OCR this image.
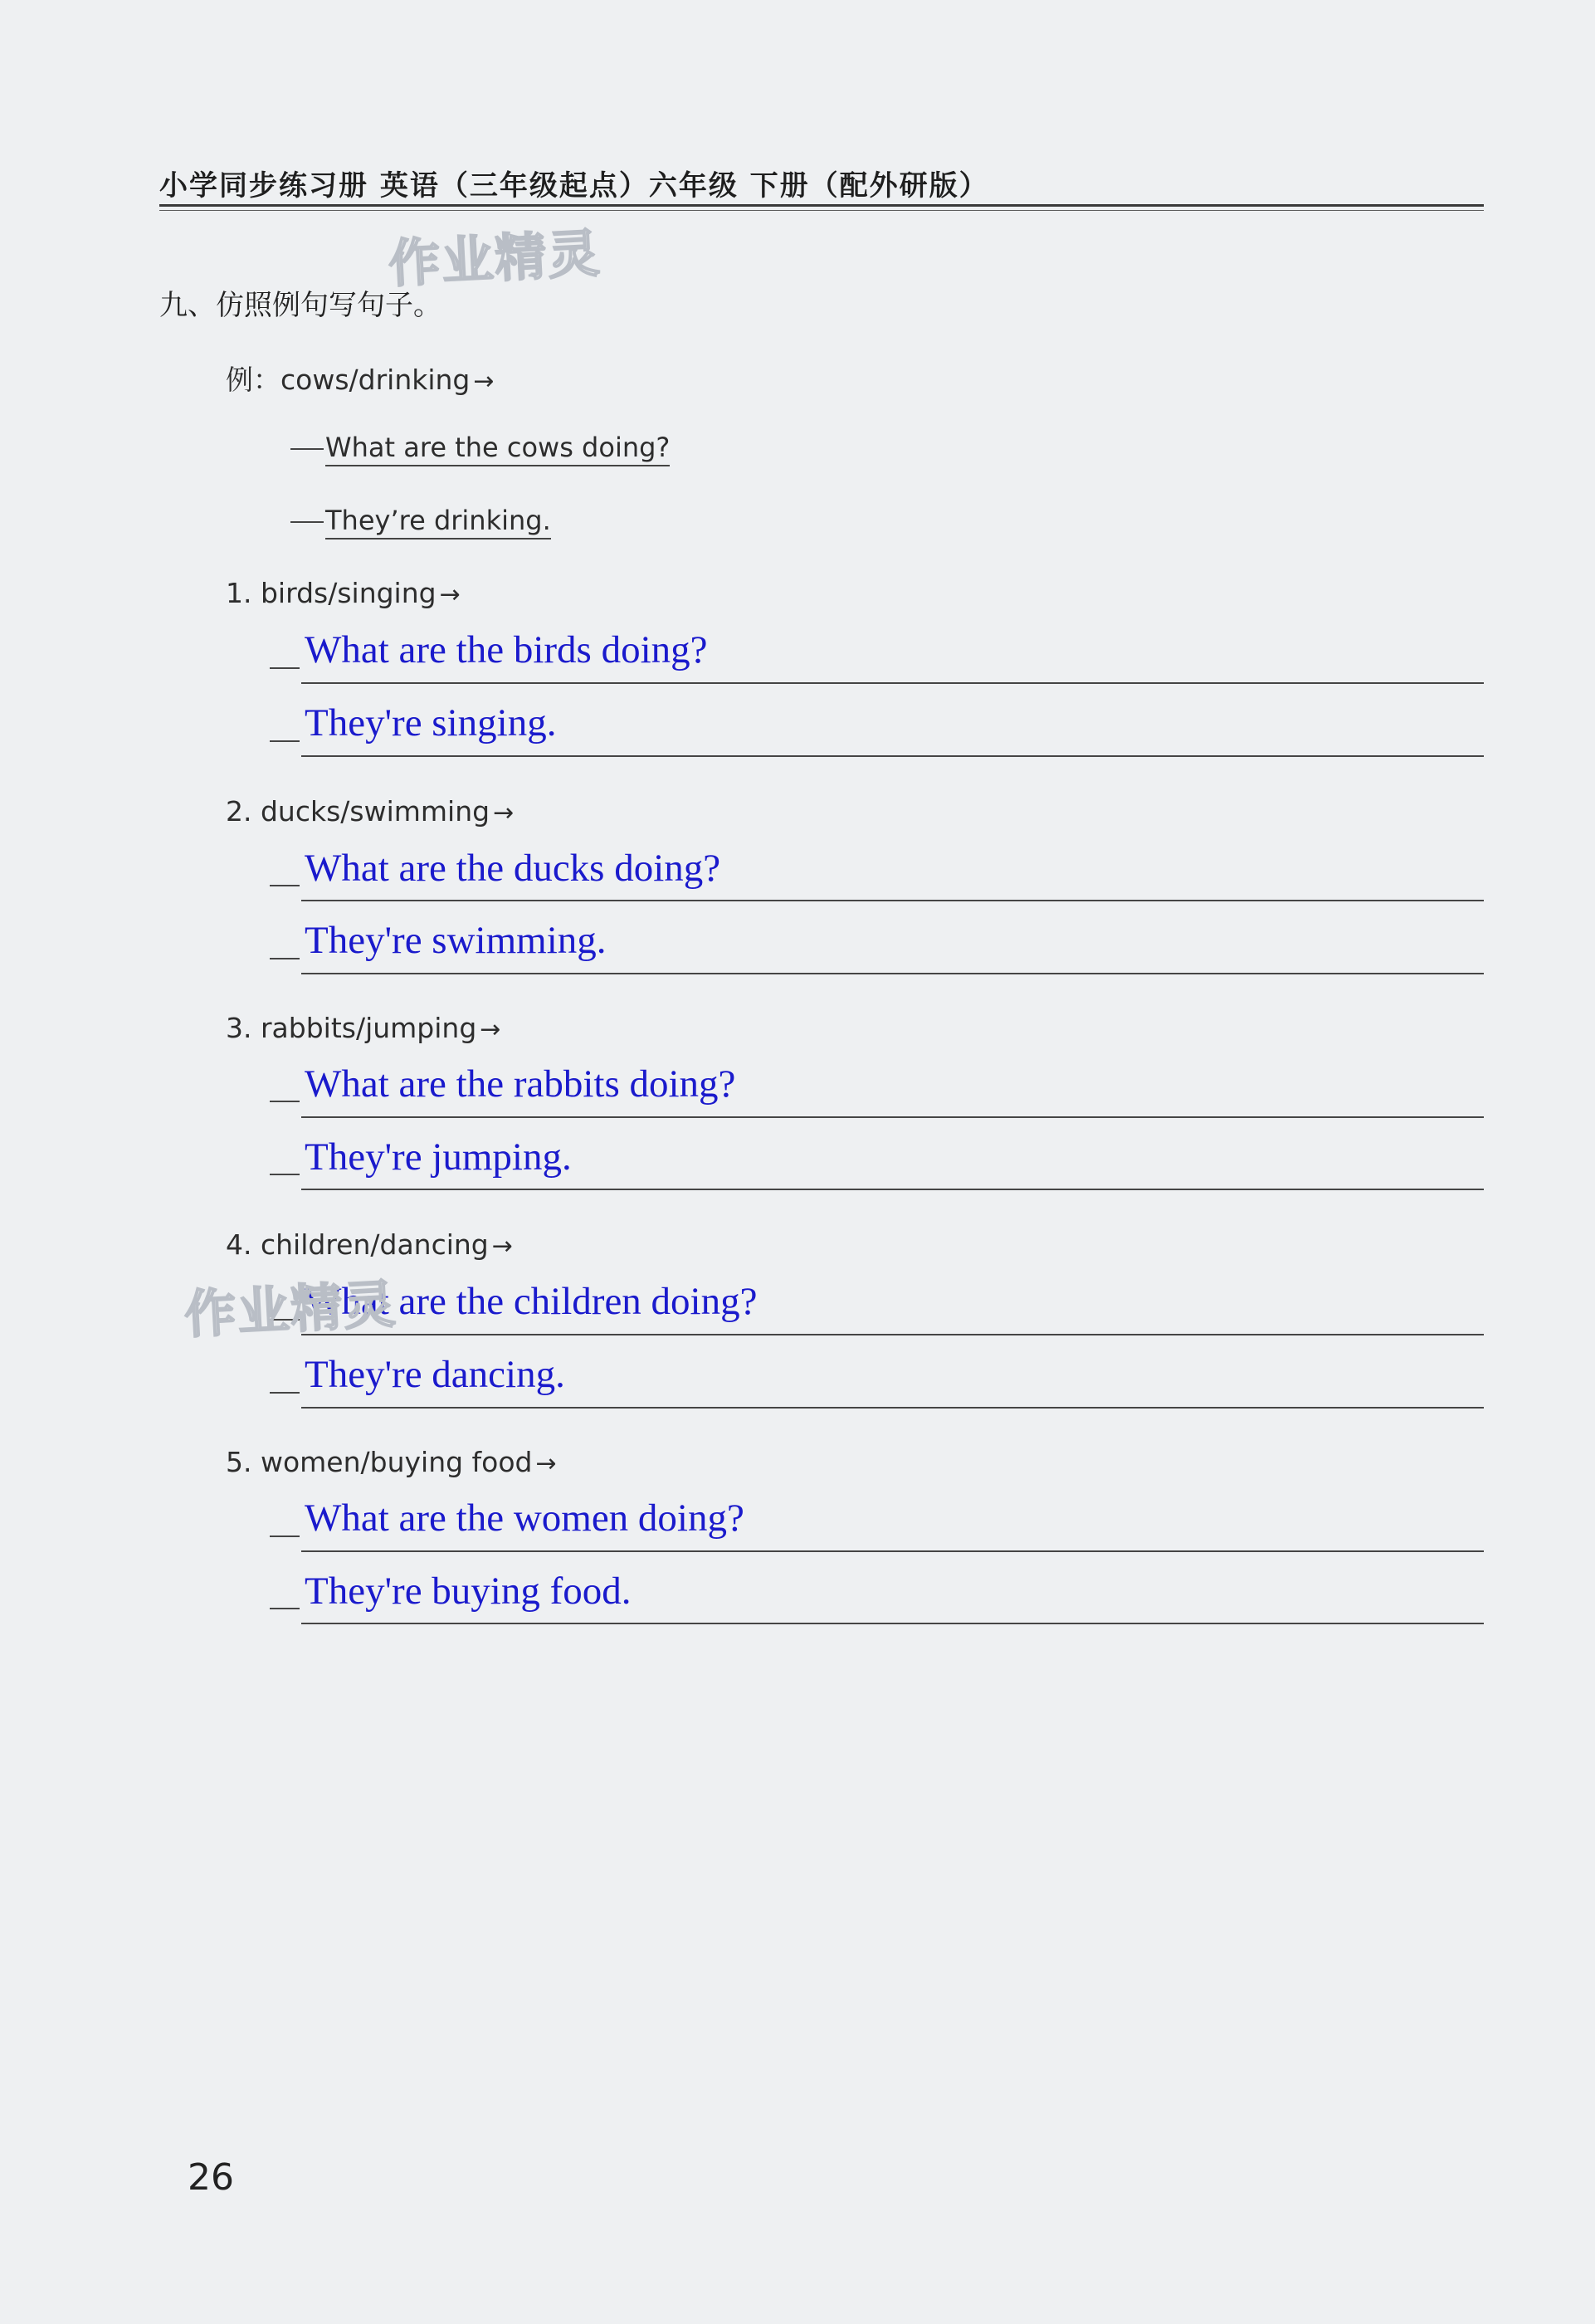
小学同步练习册 英语（三年级起点）六年级 下册（配外研版）
作业精灵
九、仿照例句写句子。
例：cows/drinking →
What are the cows doing?
They’re drinking.
1. birds/singing →
What are the birds doing?
They're singing.
2. ducks/swimming →
What are the ducks doing?
They're swimming.
3. rabbits/jumping →
What are the rabbits doing?
They're jumping.
4. children/dancing →
What are the children doing?
They're dancing.
作业精灵
5. women/buying food →
What are the women doing?
They're buying food.
26
